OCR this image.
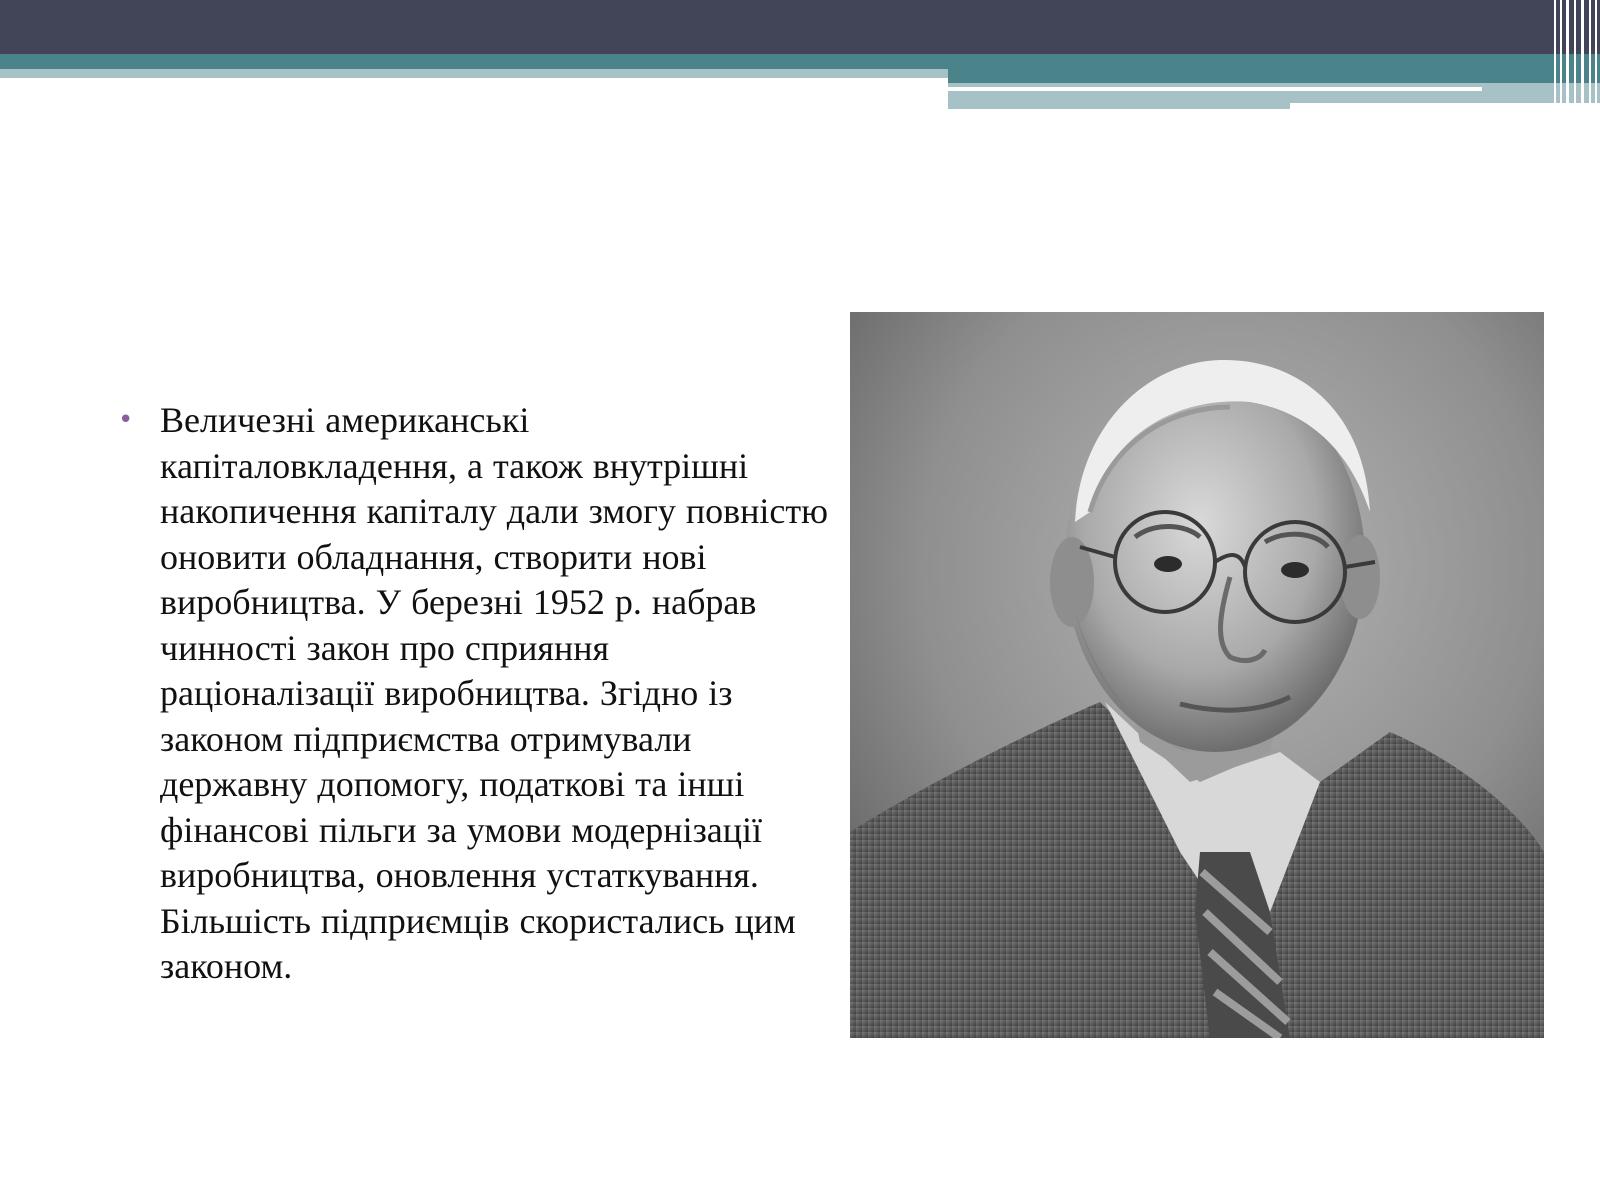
• Величезні американські капіталовкладення, а також внутрішні накопичення капіталу дали змогу повністю оновити обладнання, створити нові виробництва. У березні 1952 р. набрав чинності закон про сприяння раціоналізації виробництва. Згідно із законом підприємства отримували державну допомогу, податкові та інші фінансові пільги за умови модернізації виробництва, оновлення устаткування. Більшість підприємців скористались цим законом.
